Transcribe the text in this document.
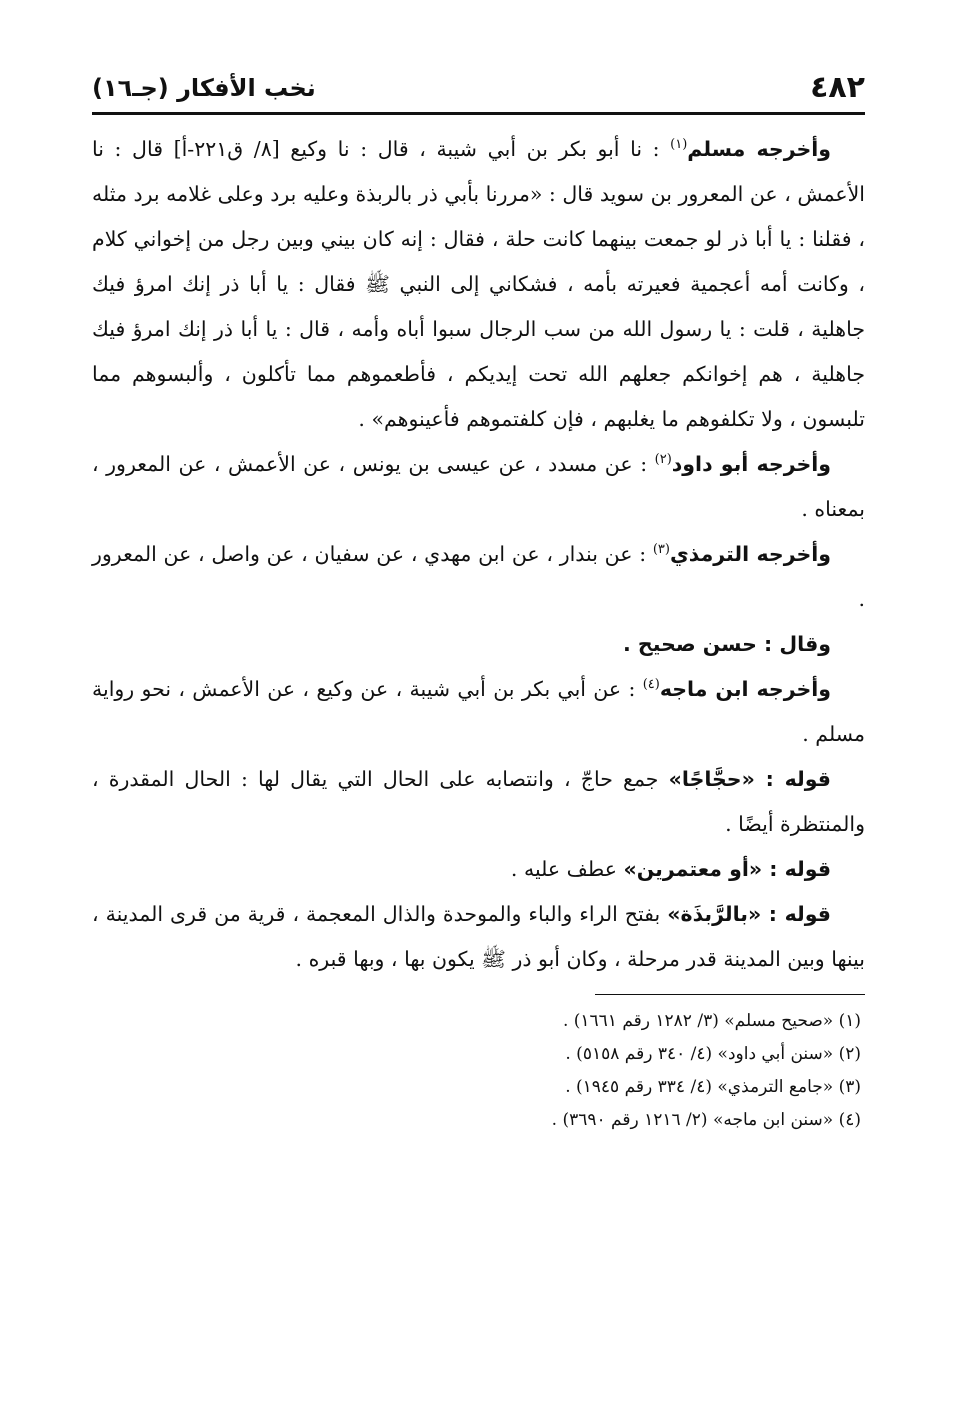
٤٨٢
نخب الأفكار (جـ١٦)

وأخرجه مسلم$^{(١)}$ : نا أبو بكر بن أبي شيبة ، قال : نا وكيع [٨/ ق٢٢١-أ] قال : نا الأعمش ، عن المعرور بن سويد قال : «مررنا بأبي ذر بالربذة وعليه برد وعلى غلامه برد مثله ، فقلنا : يا أبا ذر لو جمعت بينهما كانت حلة ، فقال : إنه كان بيني وبين رجل من إخواني كلام ، وكانت أمه أعجمية فعيرته بأمه ، فشكاني إلى النبي ﷺ فقال : يا أبا ذر إنك امرؤ فيك جاهلية ، قلت : يا رسول الله من سب الرجال سبوا أباه وأمه ، قال : يا أبا ذر إنك امرؤ فيك جاهلية ، هم إخوانكم جعلهم الله تحت إيديكم ، فأطعموهم مما تأكلون ، وألبسوهم مما تلبسون ، ولا تكلفوهم ما يغلبهم ، فإن كلفتموهم فأعينوهم» .

وأخرجه أبو داود$^{(٢)}$ : عن مسدد ، عن عيسى بن يونس ، عن الأعمش ، عن المعرور ، بمعناه .

وأخرجه الترمذي$^{(٣)}$ : عن بندار ، عن ابن مهدي ، عن سفيان ، عن واصل ، عن المعرور .

وقال : حسن صحيح .

وأخرجه ابن ماجه$^{(٤)}$ : عن أبي بكر بن أبي شيبة ، عن وكيع ، عن الأعمش ، نحو رواية مسلم .

قوله : «حجَّاجًا» جمع حاجّ ، وانتصابه على الحال التي يقال لها : الحال المقدرة ، والمنتظرة أيضًا .

قوله : «أو معتمرين» عطف عليه .

قوله : «بالرَّبذَة» بفتح الراء والباء والموحدة والذال المعجمة ، قرية من قرى المدينة ، بينها وبين المدينة قدر مرحلة ، وكان أبو ذر ﷺ يكون بها ، وبها قبره .

(١) «صحيح مسلم» (٣/ ١٢٨٢ رقم ١٦٦١) .

(٢) «سنن أبي داود» (٤/ ٣٤٠ رقم ٥١٥٨) .

(٣) «جامع الترمذي» (٤/ ٣٣٤ رقم ١٩٤٥) .

(٤) «سنن ابن ماجه» (٢/ ١٢١٦ رقم ٣٦٩٠) .
